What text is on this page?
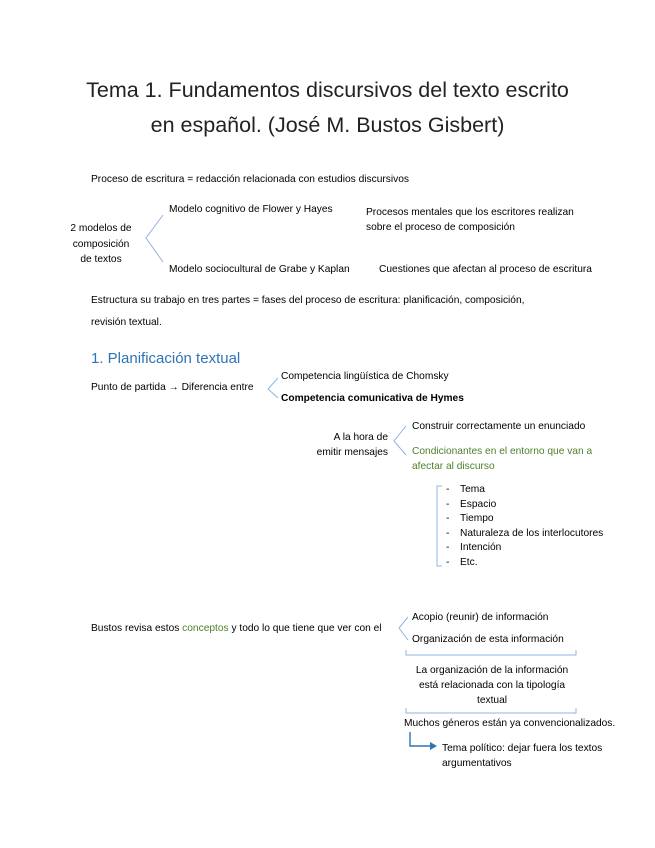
Tema 1. Fundamentos discursivos del texto escrito
en español. (José M. Bustos Gisbert)
Proceso de escritura = redacción relacionada con estudios discursivos
2 modelos de
composición
de textos
Modelo cognitivo de Flower y Hayes	Procesos mentales que los escritores realizan
sobre el proceso de composición
Modelo sociocultural de Grabe y Kaplan	Cuestiones que afectan al proceso de escritura
Estructura su trabajo en tres partes = fases del proceso de escritura: planificación, composición,
revisión textual.
1. Planificación textual
Punto de partida → Diferencia entre
Competencia lingüística de Chomsky
Competencia comunicativa de Hymes
A la hora de
emitir mensajes
Construir correctamente un enunciado
Condicionantes en el entorno que van a
afectar al discurso
- Tema
- Espacio
- Tiempo
- Naturaleza de los interlocutores
- Intención
- Etc.
Bustos revisa estos conceptos y todo lo que tiene que ver con el
Acopio (reunir) de información
Organización de esta información
La organización de la información
está relacionada con la tipología
textual
Muchos géneros están ya convencionalizados.
Tema político: dejar fuera los textos
argumentativos
